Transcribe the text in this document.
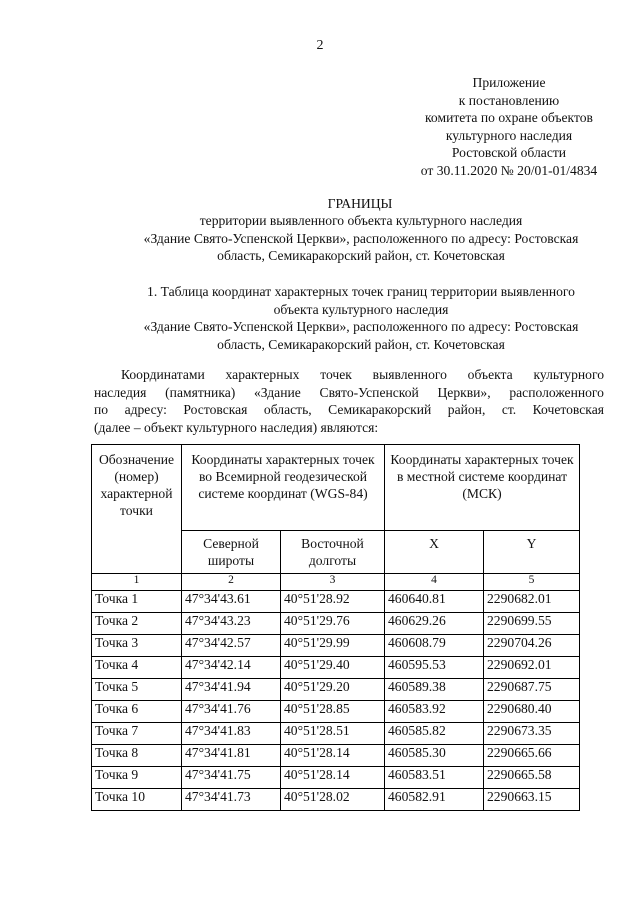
2
Приложение
к постановлению
комитета по охране объектов
культурного наследия
Ростовской области
от 30.11.2020 № 20/01-01/4834
ГРАНИЦЫ
территории выявленного объекта культурного наследия
«Здание Свято-Успенской Церкви», расположенного по адресу: Ростовская
область, Семикаракорский район, ст. Кочетовская
1. Таблица координат характерных точек границ территории выявленного
объекта культурного наследия
«Здание Свято-Успенской Церкви», расположенного по адресу: Ростовская
область, Семикаракорский район, ст. Кочетовская
Координатами характерных точек выявленного объекта культурного
наследия (памятника) «Здание Свято-Успенской Церкви», расположенного
по адресу: Ростовская область, Семикаракорский район, ст. Кочетовская
(далее – объект культурного наследия) являются:
Обозначение (номер) характерной точки	Координаты характерных точек во Всемирной геодезической системе координат (WGS-84)		Координаты характерных точек в местной системе координат (МСК)	
	Северной широты	Восточной долготы	X	Y
1	2	3	4	5
Точка 1	47°34'43.61	40°51'28.92	460640.81	2290682.01
Точка 2	47°34'43.23	40°51'29.76	460629.26	2290699.55
Точка 3	47°34'42.57	40°51'29.99	460608.79	2290704.26
Точка 4	47°34'42.14	40°51'29.40	460595.53	2290692.01
Точка 5	47°34'41.94	40°51'29.20	460589.38	2290687.75
Точка 6	47°34'41.76	40°51'28.85	460583.92	2290680.40
Точка 7	47°34'41.83	40°51'28.51	460585.82	2290673.35
Точка 8	47°34'41.81	40°51'28.14	460585.30	2290665.66
Точка 9	47°34'41.75	40°51'28.14	460583.51	2290665.58
Точка 10	47°34'41.73	40°51'28.02	460582.91	2290663.15
